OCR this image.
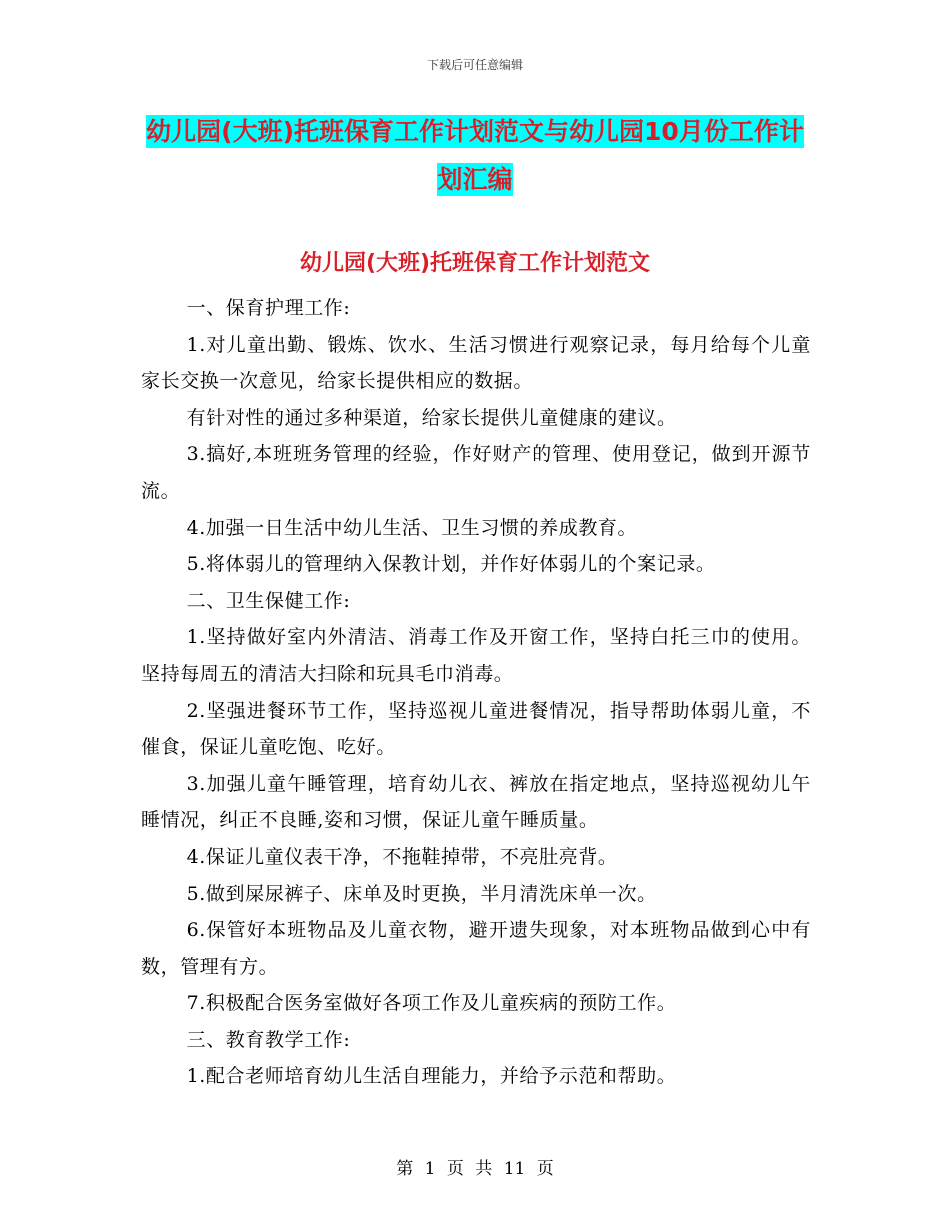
下载后可任意编辑
幼儿园(大班)托班保育工作计划范文与幼儿园10月份工作计划汇编
幼儿园(大班)托班保育工作计划范文

一、保育护理工作:

1.对儿童出勤、锻炼、饮水、生活习惯进行观察记录，每月给每个儿童家长交换一次意见，给家长提供相应的数据。

有针对性的通过多种渠道，给家长提供儿童健康的建议。

3.搞好,本班班务管理的经验，作好财产的管理、使用登记，做到开源节流。

4.加强一日生活中幼儿生活、卫生习惯的养成教育。

5.将体弱儿的管理纳入保教计划，并作好体弱儿的个案记录。

二、卫生保健工作:

1.坚持做好室内外清洁、消毒工作及开窗工作，坚持白托三巾的使用。坚持每周五的清洁大扫除和玩具毛巾消毒。

2.坚强进餐环节工作，坚持巡视儿童进餐情况，指导帮助体弱儿童，不催食，保证儿童吃饱、吃好。

3.加强儿童午睡管理，培育幼儿衣、裤放在指定地点，坚持巡视幼儿午睡情况，纠正不良睡,姿和习惯，保证儿童午睡质量。

4.保证儿童仪表干净，不拖鞋掉带，不亮肚亮背。

5.做到屎尿裤子、床单及时更换，半月清洗床单一次。

6.保管好本班物品及儿童衣物，避开遗失现象，对本班物品做到心中有数，管理有方。

7.积极配合医务室做好各项工作及儿童疾病的预防工作。

三、教育教学工作:

1.配合老师培育幼儿生活自理能力，并给予示范和帮助。

第 1 页 共 11 页
